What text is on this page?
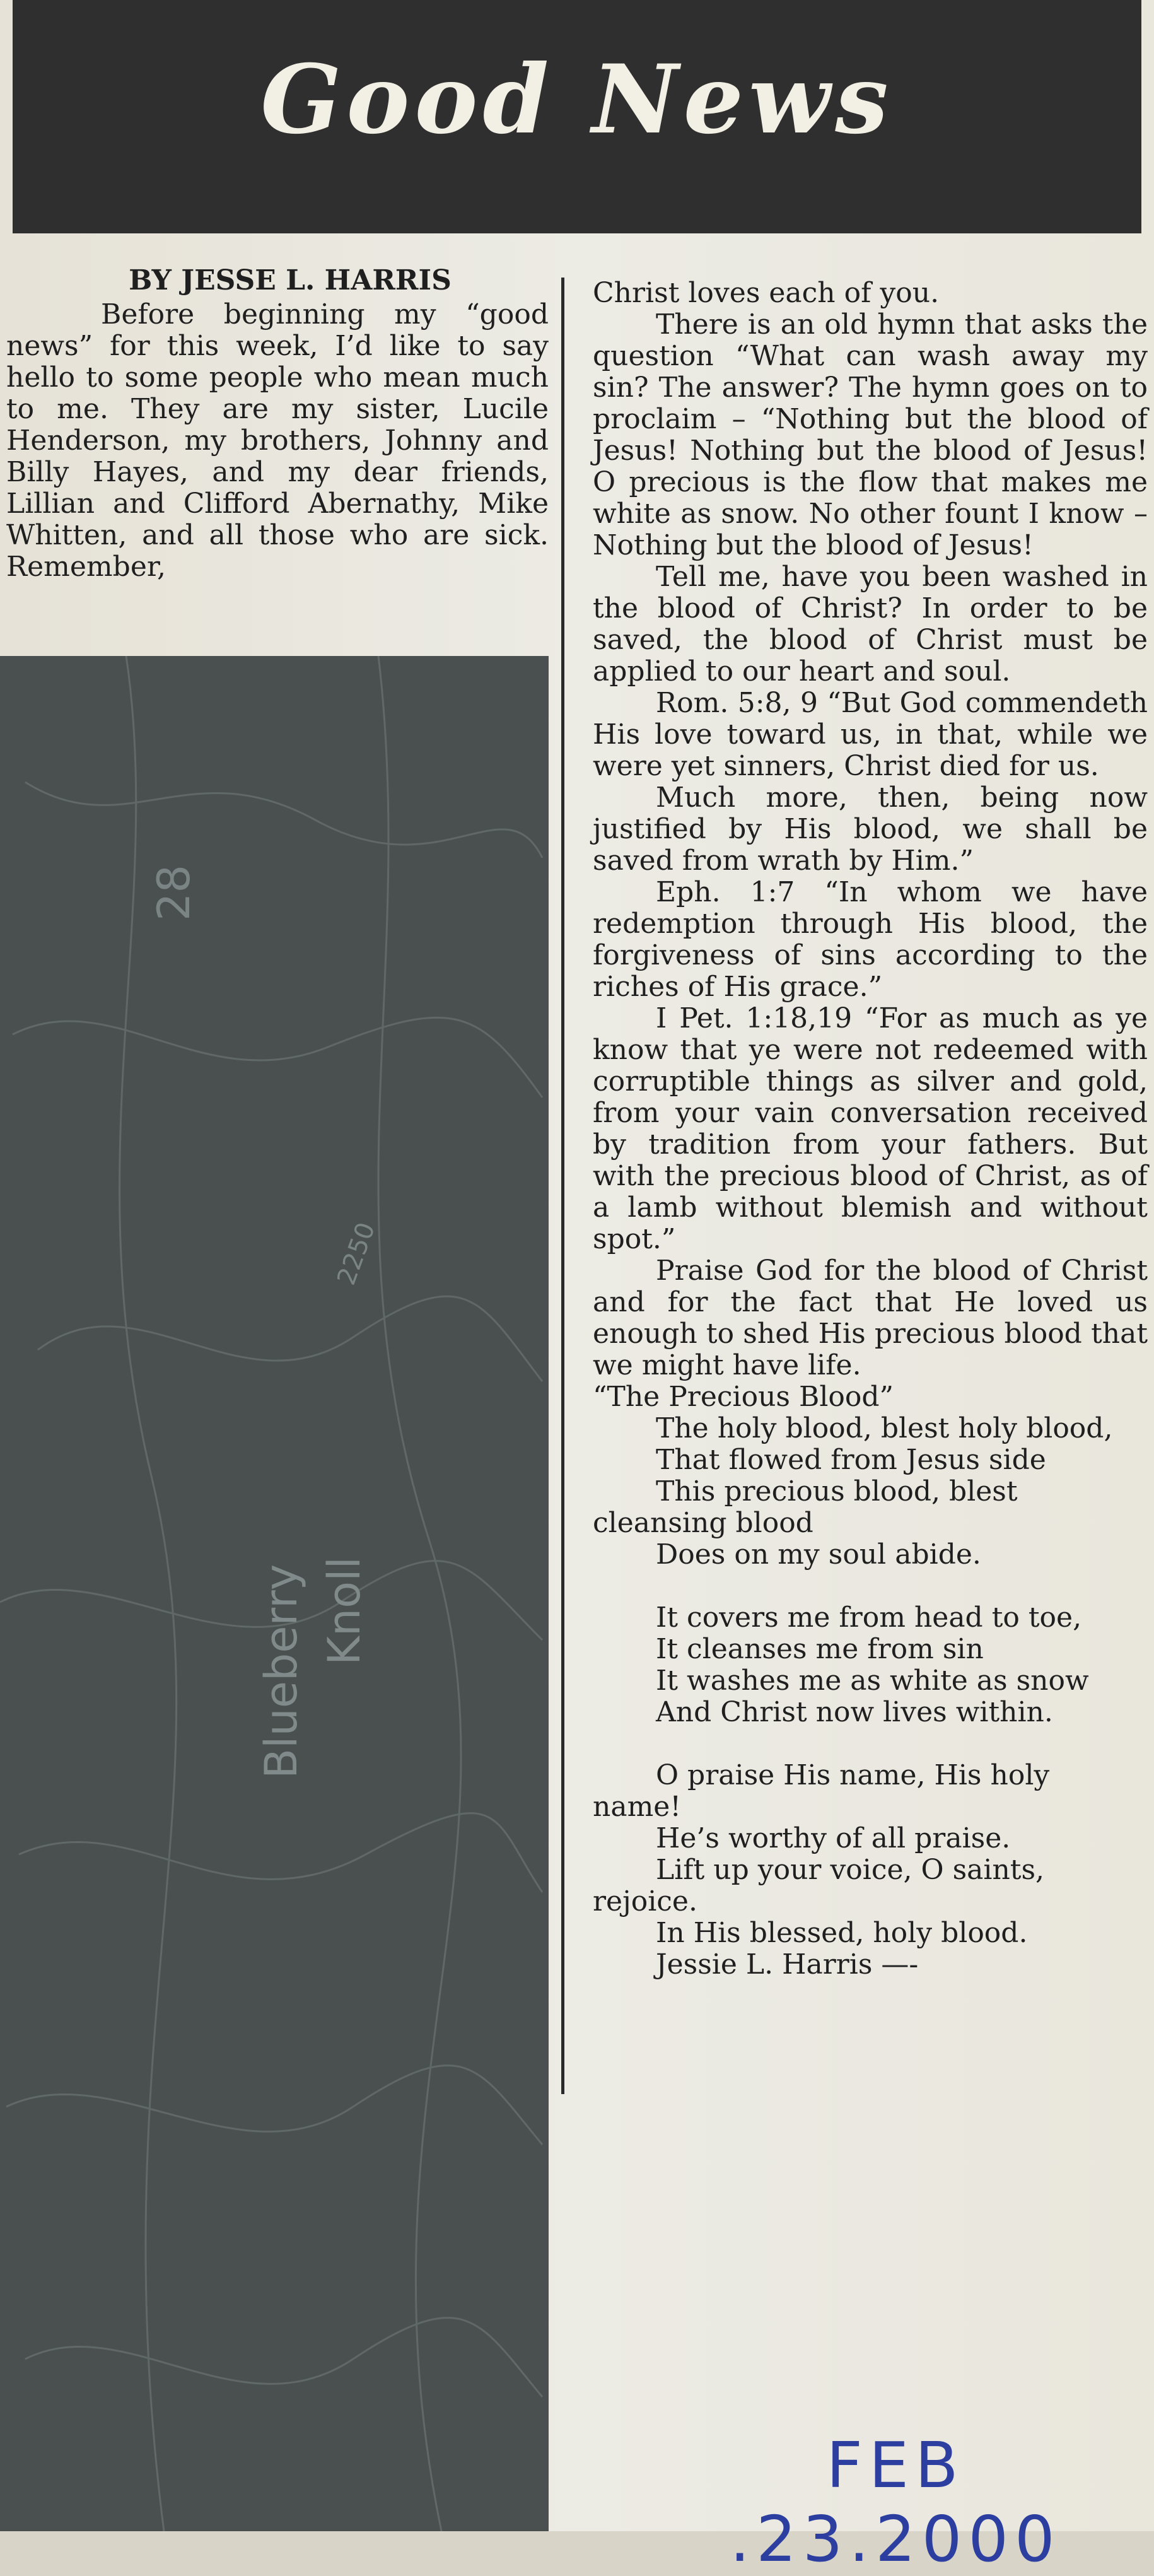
Good News
BY JESSE L. HARRIS

Before beginning my “good news” for this week, I’d like to say hello to some people who mean much to me. They are my sister, Lucile Henderson, my brothers, Johnny and Billy Hayes, and my dear friends, Lillian and Clifford Abernathy, Mike Whitten, and all those who are sick. Remember,

28
2250
Blueberry Knoll

Christ loves each of you.

There is an old hymn that asks the question “What can wash away my sin? The answer? The hymn goes on to proclaim – “Nothing but the blood of Jesus! Nothing but the blood of Jesus! O precious is the flow that makes me white as snow. No other fount I know – Nothing but the blood of Jesus!

Tell me, have you been washed in the blood of Christ? In order to be saved, the blood of Christ must be applied to our heart and soul.

Rom. 5:8, 9 “But God commendeth His love toward us, in that, while we were yet sinners, Christ died for us.

Much more, then, being now justified by His blood, we shall be saved from wrath by Him.”

Eph. 1:7 “In whom we have redemption through His blood, the forgiveness of sins according to the riches of His grace.”

I Pet. 1:18,19 “For as much as ye know that ye were not redeemed with corruptible things as silver and gold, from your vain conversation received by tradition from your fathers. But with the precious blood of Christ, as of a lamb without blemish and without spot.”

Praise God for the blood of Christ and for the fact that He loved us enough to shed His precious blood that we might have life.

“The Precious Blood”
The holy blood, blest holy blood,
That flowed from Jesus side
This precious blood, blest
cleansing blood
Does on my soul abide.
It covers me from head to toe,
It cleanses me from sin
It washes me as white as snow
And Christ now lives within.
O praise His name, His holy
name!
He’s worthy of all praise.
Lift up your voice, O saints,
rejoice.
In His blessed, holy blood.
Jessie L. Harris —-
FEB .23.2000
